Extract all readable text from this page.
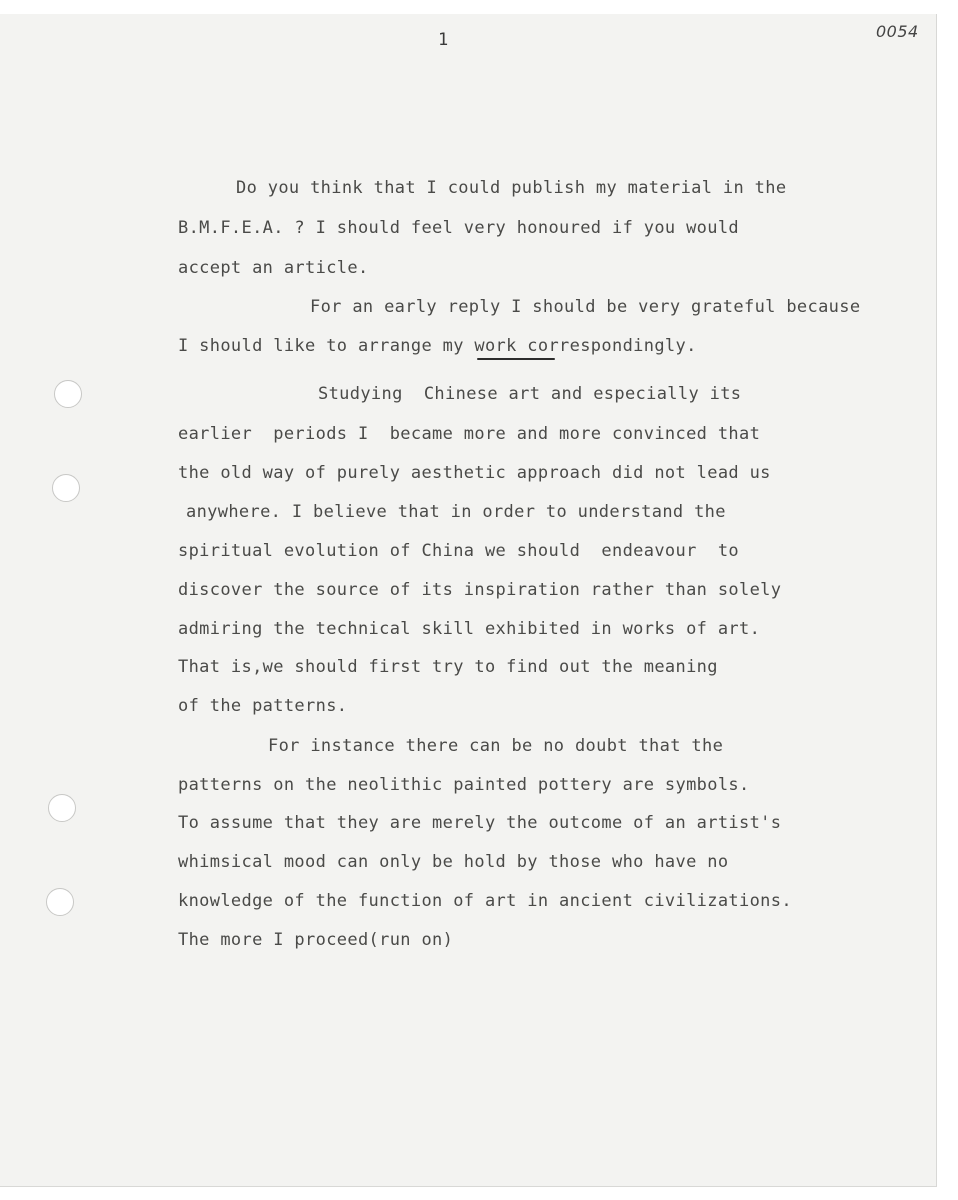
1	0054
Do you think that I could publish my material in the
B.M.F.E.A. ? I should feel very honoured if you would
accept an article.
For an early reply I should be very grateful because
I should like to arrange my work correspondingly.
Studying  Chinese art and especially its
earlier  periods I  became more and more convinced that
the old way of purely aesthetic approach did not lead us
anywhere. I believe that in order to understand the
spiritual evolution of China we should  endeavour  to
discover the source of its inspiration rather than solely
admiring the technical skill exhibited in works of art.
That is,we should first try to find out the meaning
of the patterns.
For instance there can be no doubt that the
patterns on the neolithic painted pottery are symbols.
To assume that they are merely the outcome of an artist's
whimsical mood can only be hold by those who have no
knowledge of the function of art in ancient civilizations.
The more I proceed(run on)
